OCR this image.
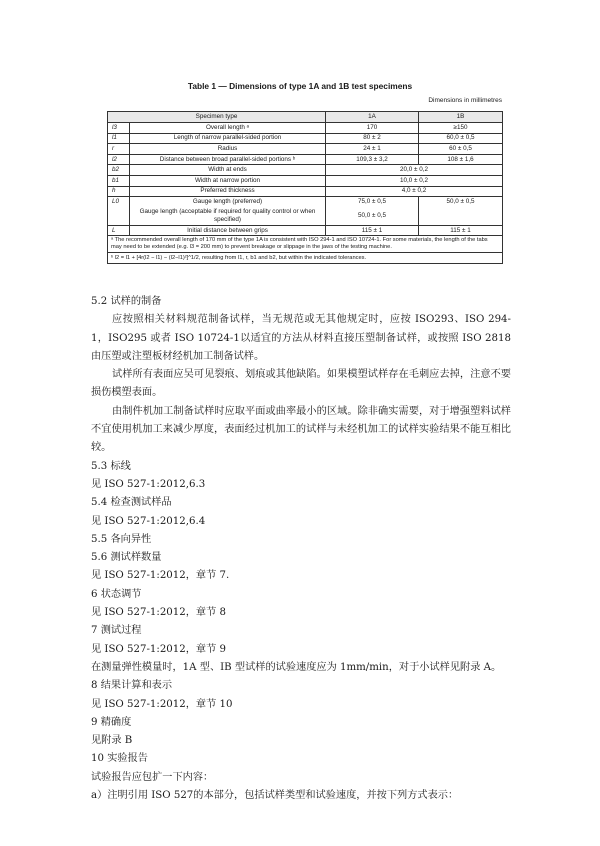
Table 1 — Dimensions of type 1A and 1B test specimens
Dimensions in millimetres
Specimen type		1A	1B
l3	Overall length ᵃ	170	≥150
l1	Length of narrow parallel-sided portion	80 ± 2	60,0 ± 0,5
r	Radius	24 ± 1	60 ± 0,5
l2	Distance between broad parallel-sided portions ᵇ	109,3 ± 3,2	108 ± 1,6
b2	Width at ends	20,0 ± 0,2	
b1	Width at narrow portion	10,0 ± 0,2	
h	Preferred thickness	4,0 ± 0,2	
L0	Gauge length (preferred)	75,0 ± 0,5	50,0 ± 0,5
	Gauge length (acceptable if required for quality control or when specified)	50,0 ± 0,5	
L	Initial distance between grips	115 ± 1	115 ± 1
ᵃ The recommended overall length of 170 mm of the type 1A is consistent with ISO 294-1 and ISO 10724-1. For some materials, the length of the tabs may need to be extended (e.g. l3 = 200 mm) to prevent breakage or slippage in the jaws of the testing machine.			
ᵇ l2 = l1 + [4r(l2 − l1) − (l2−l1)²]^1/2, resulting from l1, r, b1 and b2, but within the indicated tolerances.			

5.2 试样的制备

应按照相关材料规范制备试样，当无规范或无其他规定时，应按 ISO293、ISO 294-1，ISO295 或者 ISO 10724-1以适宜的方法从材料直接压塑制备试样，或按照 ISO 2818由压塑或注塑板材经机加工制备试样。

试样所有表面应吴可见裂痕、划痕或其他缺陷。如果模塑试样存在毛刺应去掉，注意不要损伤模塑表面。

由制件机加工制备试样时应取平面或曲率最小的区域。除非确实需要，对于增强塑料试样不宜使用机加工来减少厚度，表面经过机加工的试样与未经机加工的试样实验结果不能互相比较。

5.3 标线

见 ISO 527-1:2012,6.3

5.4 检查测试样品

见 ISO 527-1:2012,6.4

5.5 各向异性

5.6 测试样数量

见 ISO 527-1:2012，章节 7.

6 状态调节

见 ISO 527-1:2012，章节 8

7 测试过程

见 ISO 527-1:2012，章节 9

在测量弹性模量时，1A 型、IB 型试样的试验速度应为 1mm/min，对于小试样见附录 A。

8 结果计算和表示

见 ISO 527-1:2012，章节 10

9 精确度

见附录 B

10 实验报告

试验报告应包扩一下内容：

a）注明引用 ISO 527的本部分，包括试样类型和试验速度，并按下列方式表示：
